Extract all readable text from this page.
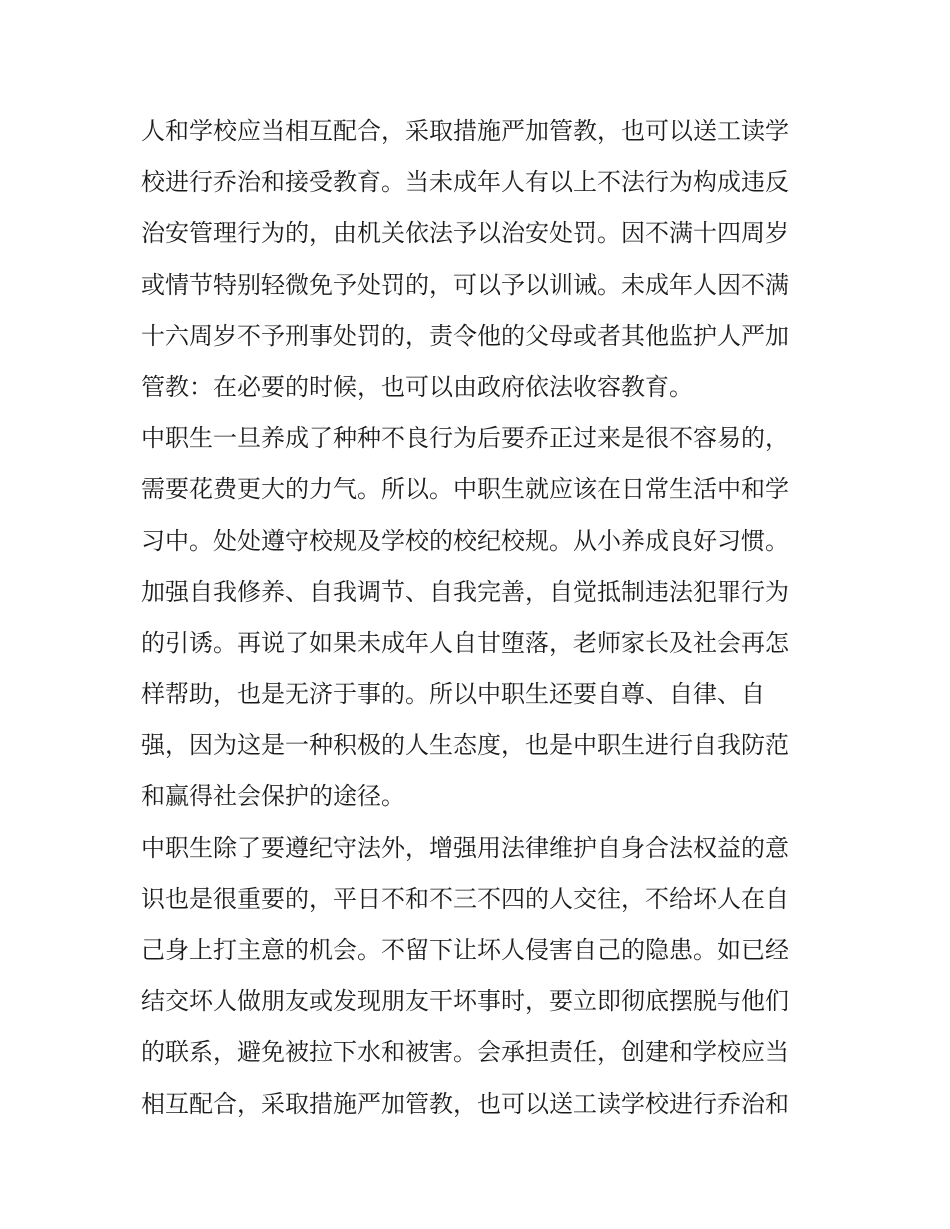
人和学校应当相互配合，采取措施严加管教，也可以送工读学
校进行乔治和接受教育。当未成年人有以上不法行为构成违反
治安管理行为的，由机关依法予以治安处罚。因不满十四周岁
或情节特别轻微免予处罚的，可以予以训诫。未成年人因不满
十六周岁不予刑事处罚的，责令他的父母或者其他监护人严加
管教：在必要的时候，也可以由政府依法收容教育。
中职生一旦养成了种种不良行为后要乔正过来是很不容易的，
需要花费更大的力气。所以。中职生就应该在日常生活中和学
习中。处处遵守校规及学校的校纪校规。从小养成良好习惯。
加强自我修养、自我调节、自我完善，自觉抵制违法犯罪行为
的引诱。再说了如果未成年人自甘堕落，老师家长及社会再怎
样帮助，也是无济于事的。所以中职生还要自尊、自律、自
强，因为这是一种积极的人生态度，也是中职生进行自我防范
和赢得社会保护的途径。
中职生除了要遵纪守法外，增强用法律维护自身合法权益的意
识也是很重要的，平日不和不三不四的人交往，不给坏人在自
己身上打主意的机会。不留下让坏人侵害自己的隐患。如已经
结交坏人做朋友或发现朋友干坏事时，要立即彻底摆脱与他们
的联系，避免被拉下水和被害。会承担责任，创建和学校应当
相互配合，采取措施严加管教，也可以送工读学校进行乔治和
